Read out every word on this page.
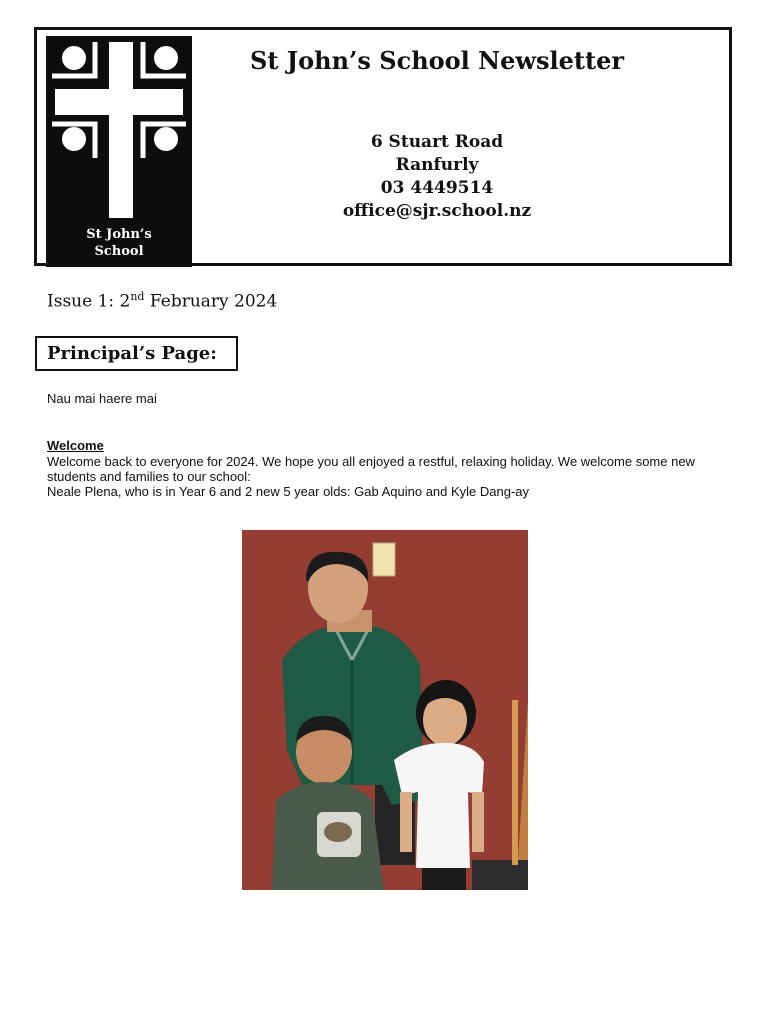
St John’s
School
St John’s School Newsletter
6 Stuart Road
Ranfurly
03 4449514
office@sjr.school.nz
Issue 1: 2nd February 2024
Principal’s Page:
Nau mai haere mai
Welcome
Welcome back to everyone for 2024. We hope you all enjoyed a restful, relaxing holiday. We welcome some new students and families to our school:
Neale Plena, who is in Year 6 and 2 new 5 year olds: Gab Aquino and Kyle Dang-ay
